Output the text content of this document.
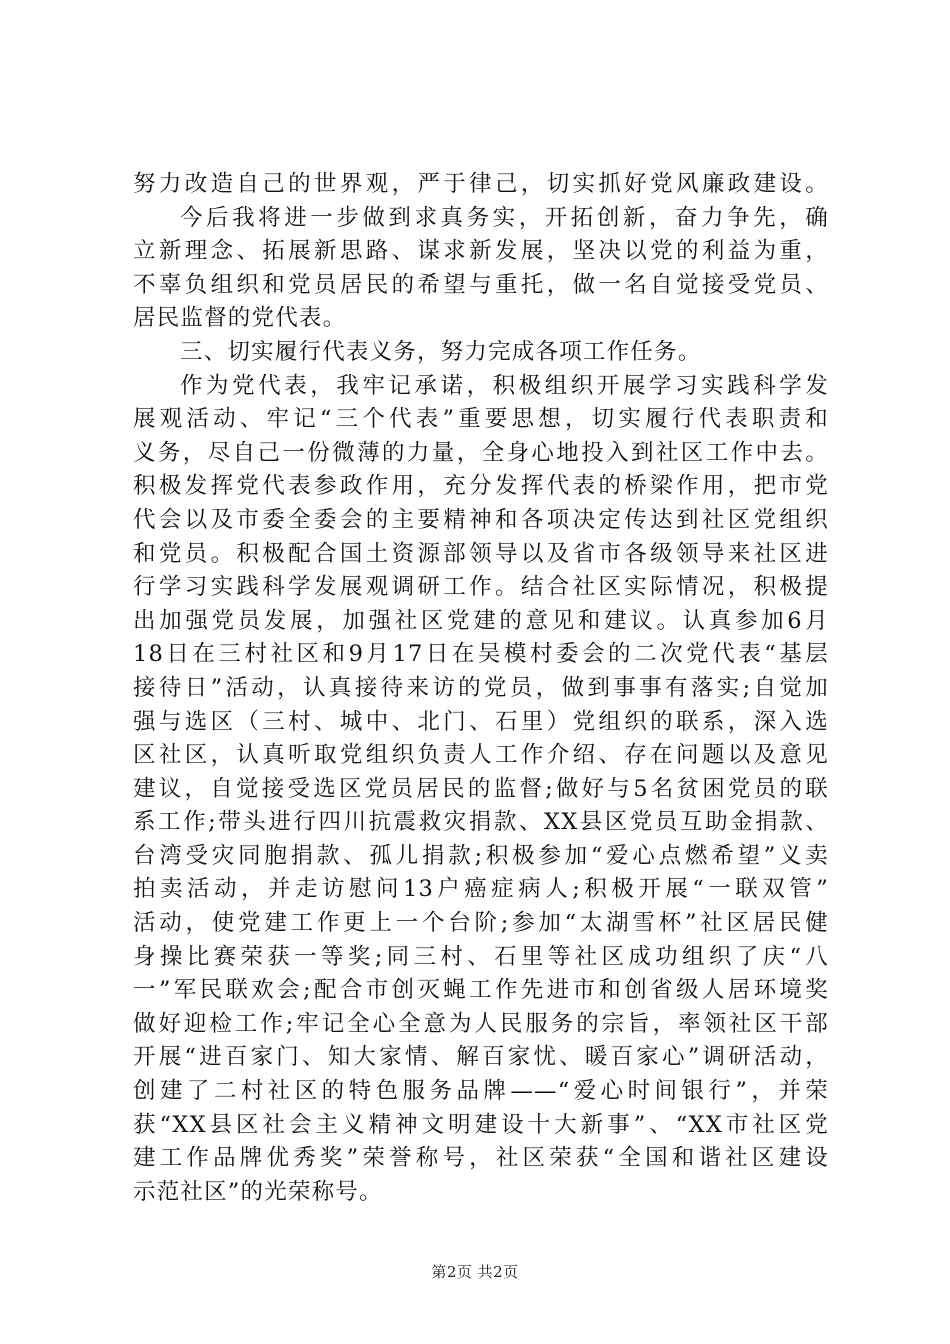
努力改造自己的世界观，严于律己，切实抓好党风廉政建设。
今后我将进一步做到求真务实，开拓创新，奋力争先，确
立新理念、拓展新思路、谋求新发展，坚决以党的利益为重，
不辜负组织和党员居民的希望与重托，做一名自觉接受党员、
居民监督的党代表。
三、切实履行代表义务，努力完成各项工作任务。
作为党代表，我牢记承诺，积极组织开展学习实践科学发
展观活动、牢记“三个代表”重要思想，切实履行代表职责和
义务，尽自己一份微薄的力量，全身心地投入到社区工作中去。
积极发挥党代表参政作用，充分发挥代表的桥梁作用，把市党
代会以及市委全委会的主要精神和各项决定传达到社区党组织
和党员。积极配合国土资源部领导以及省市各级领导来社区进
行学习实践科学发展观调研工作。结合社区实际情况，积极提
出加强党员发展，加强社区党建的意见和建议。认真参加6月
18日在三村社区和9月17日在吴模村委会的二次党代表“基层
接待日”活动，认真接待来访的党员，做到事事有落实;自觉加
强与选区（三村、城中、北门、石里）党组织的联系，深入选
区社区，认真听取党组织负责人工作介绍、存在问题以及意见
建议，自觉接受选区党员居民的监督;做好与5名贫困党员的联
系工作;带头进行四川抗震救灾捐款、XX县区党员互助金捐款、
台湾受灾同胞捐款、孤儿捐款;积极参加“爱心点燃希望”义卖
拍卖活动，并走访慰问13户癌症病人;积极开展“一联双管”
活动，使党建工作更上一个台阶;参加“太湖雪杯”社区居民健
身操比赛荣获一等奖;同三村、石里等社区成功组织了庆“八
一”军民联欢会;配合市创灭蝇工作先进市和创省级人居环境奖
做好迎检工作;牢记全心全意为人民服务的宗旨，率领社区干部
开展“进百家门、知大家情、解百家忧、暖百家心”调研活动，
创建了二村社区的特色服务品牌——“爱心时间银行”，并荣
获“XX县区社会主义精神文明建设十大新事”、“XX市社区党
建工作品牌优秀奖”荣誉称号，社区荣获“全国和谐社区建设
示范社区”的光荣称号。
第2页 共2页
